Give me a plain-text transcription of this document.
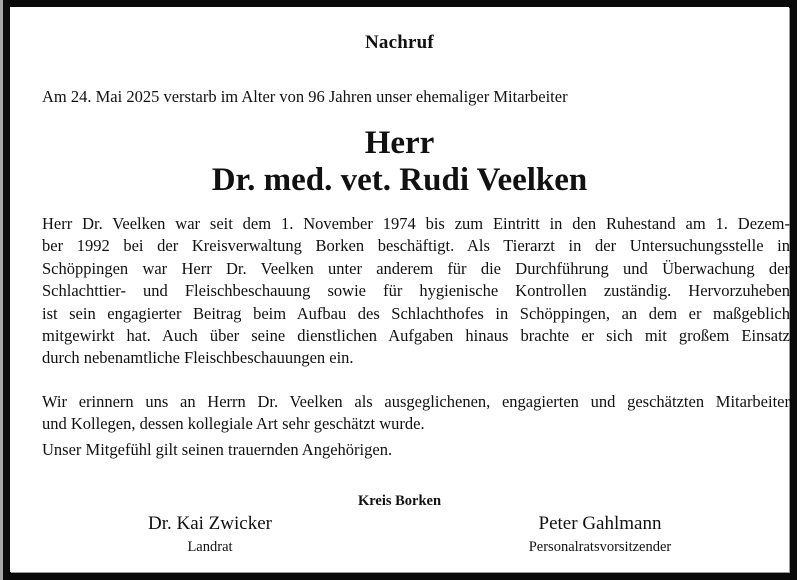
Nachruf
Am 24. Mai 2025 verstarb im Alter von 96 Jahren unser ehemaliger Mitarbeiter
Herr
Dr. med. vet. Rudi Veelken
Herr Dr. Veelken war seit dem 1. November 1974 bis zum Eintritt in den Ruhestand am 1. Dezem-
ber 1992 bei der Kreisverwaltung Borken beschäftigt. Als Tierarzt in der Untersuchungsstelle in
Schöppingen war Herr Dr. Veelken unter anderem für die Durchführung und Überwachung der
Schlachttier- und Fleischbeschauung sowie für hygienische Kontrollen zuständig. Hervorzuheben
ist sein engagierter Beitrag beim Aufbau des Schlachthofes in Schöppingen, an dem er maßgeblich
mitgewirkt hat. Auch über seine dienstlichen Aufgaben hinaus brachte er sich mit großem Einsatz
durch nebenamtliche Fleischbeschauungen ein.
Wir erinnern uns an Herrn Dr. Veelken als ausgeglichenen, engagierten und geschätzten Mitarbeiter
und Kollegen, dessen kollegiale Art sehr geschätzt wurde.
Unser Mitgefühl gilt seinen trauernden Angehörigen.
Kreis Borken
Dr. Kai Zwicker
Landrat
Peter Gahlmann
Personalratsvorsitzender
